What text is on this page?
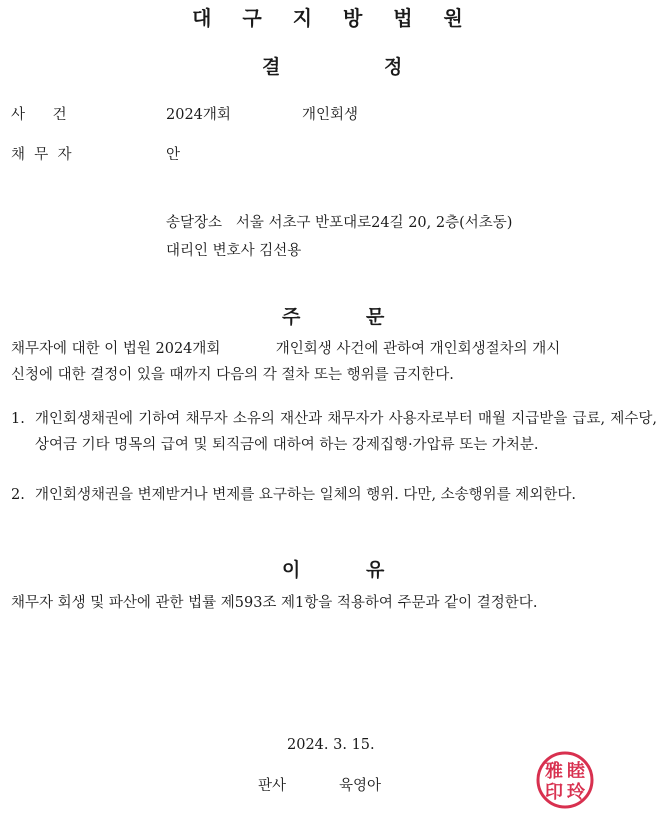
대 구 지 방 법 원
결	정
사      건	2024개회	개인회생
채  무  자	안
송달장소 서울 서초구 반포대로24길 20, 2층(서초동)
대리인 변호사 김선용
주	문
채무자에 대한 이 법원 2024개회            개인회생 사건에 관하여 개인회생절차의 개시
신청에 대한 결정이 있을 때까지 다음의 각 절차 또는 행위를 금지한다.
1. 개인회생채권에 기하여 채무자 소유의 재산과 채무자가 사용자로부터 매월 지급받을 급료, 제수당, 상여금 기타 명목의 급여 및 퇴직금에 대하여 하는 강제집행·가압류 또는 가처분.
2. 개인회생채권을 변제받거나 변제를 요구하는 일체의 행위. 다만, 소송행위를 제외한다.
이	유
채무자 회생 및 파산에 관한 법률 제593조 제1항을 적용하여 주문과 같이 결정한다.
2024. 3. 15.
판사	육영아
睦
雅
印 玲
